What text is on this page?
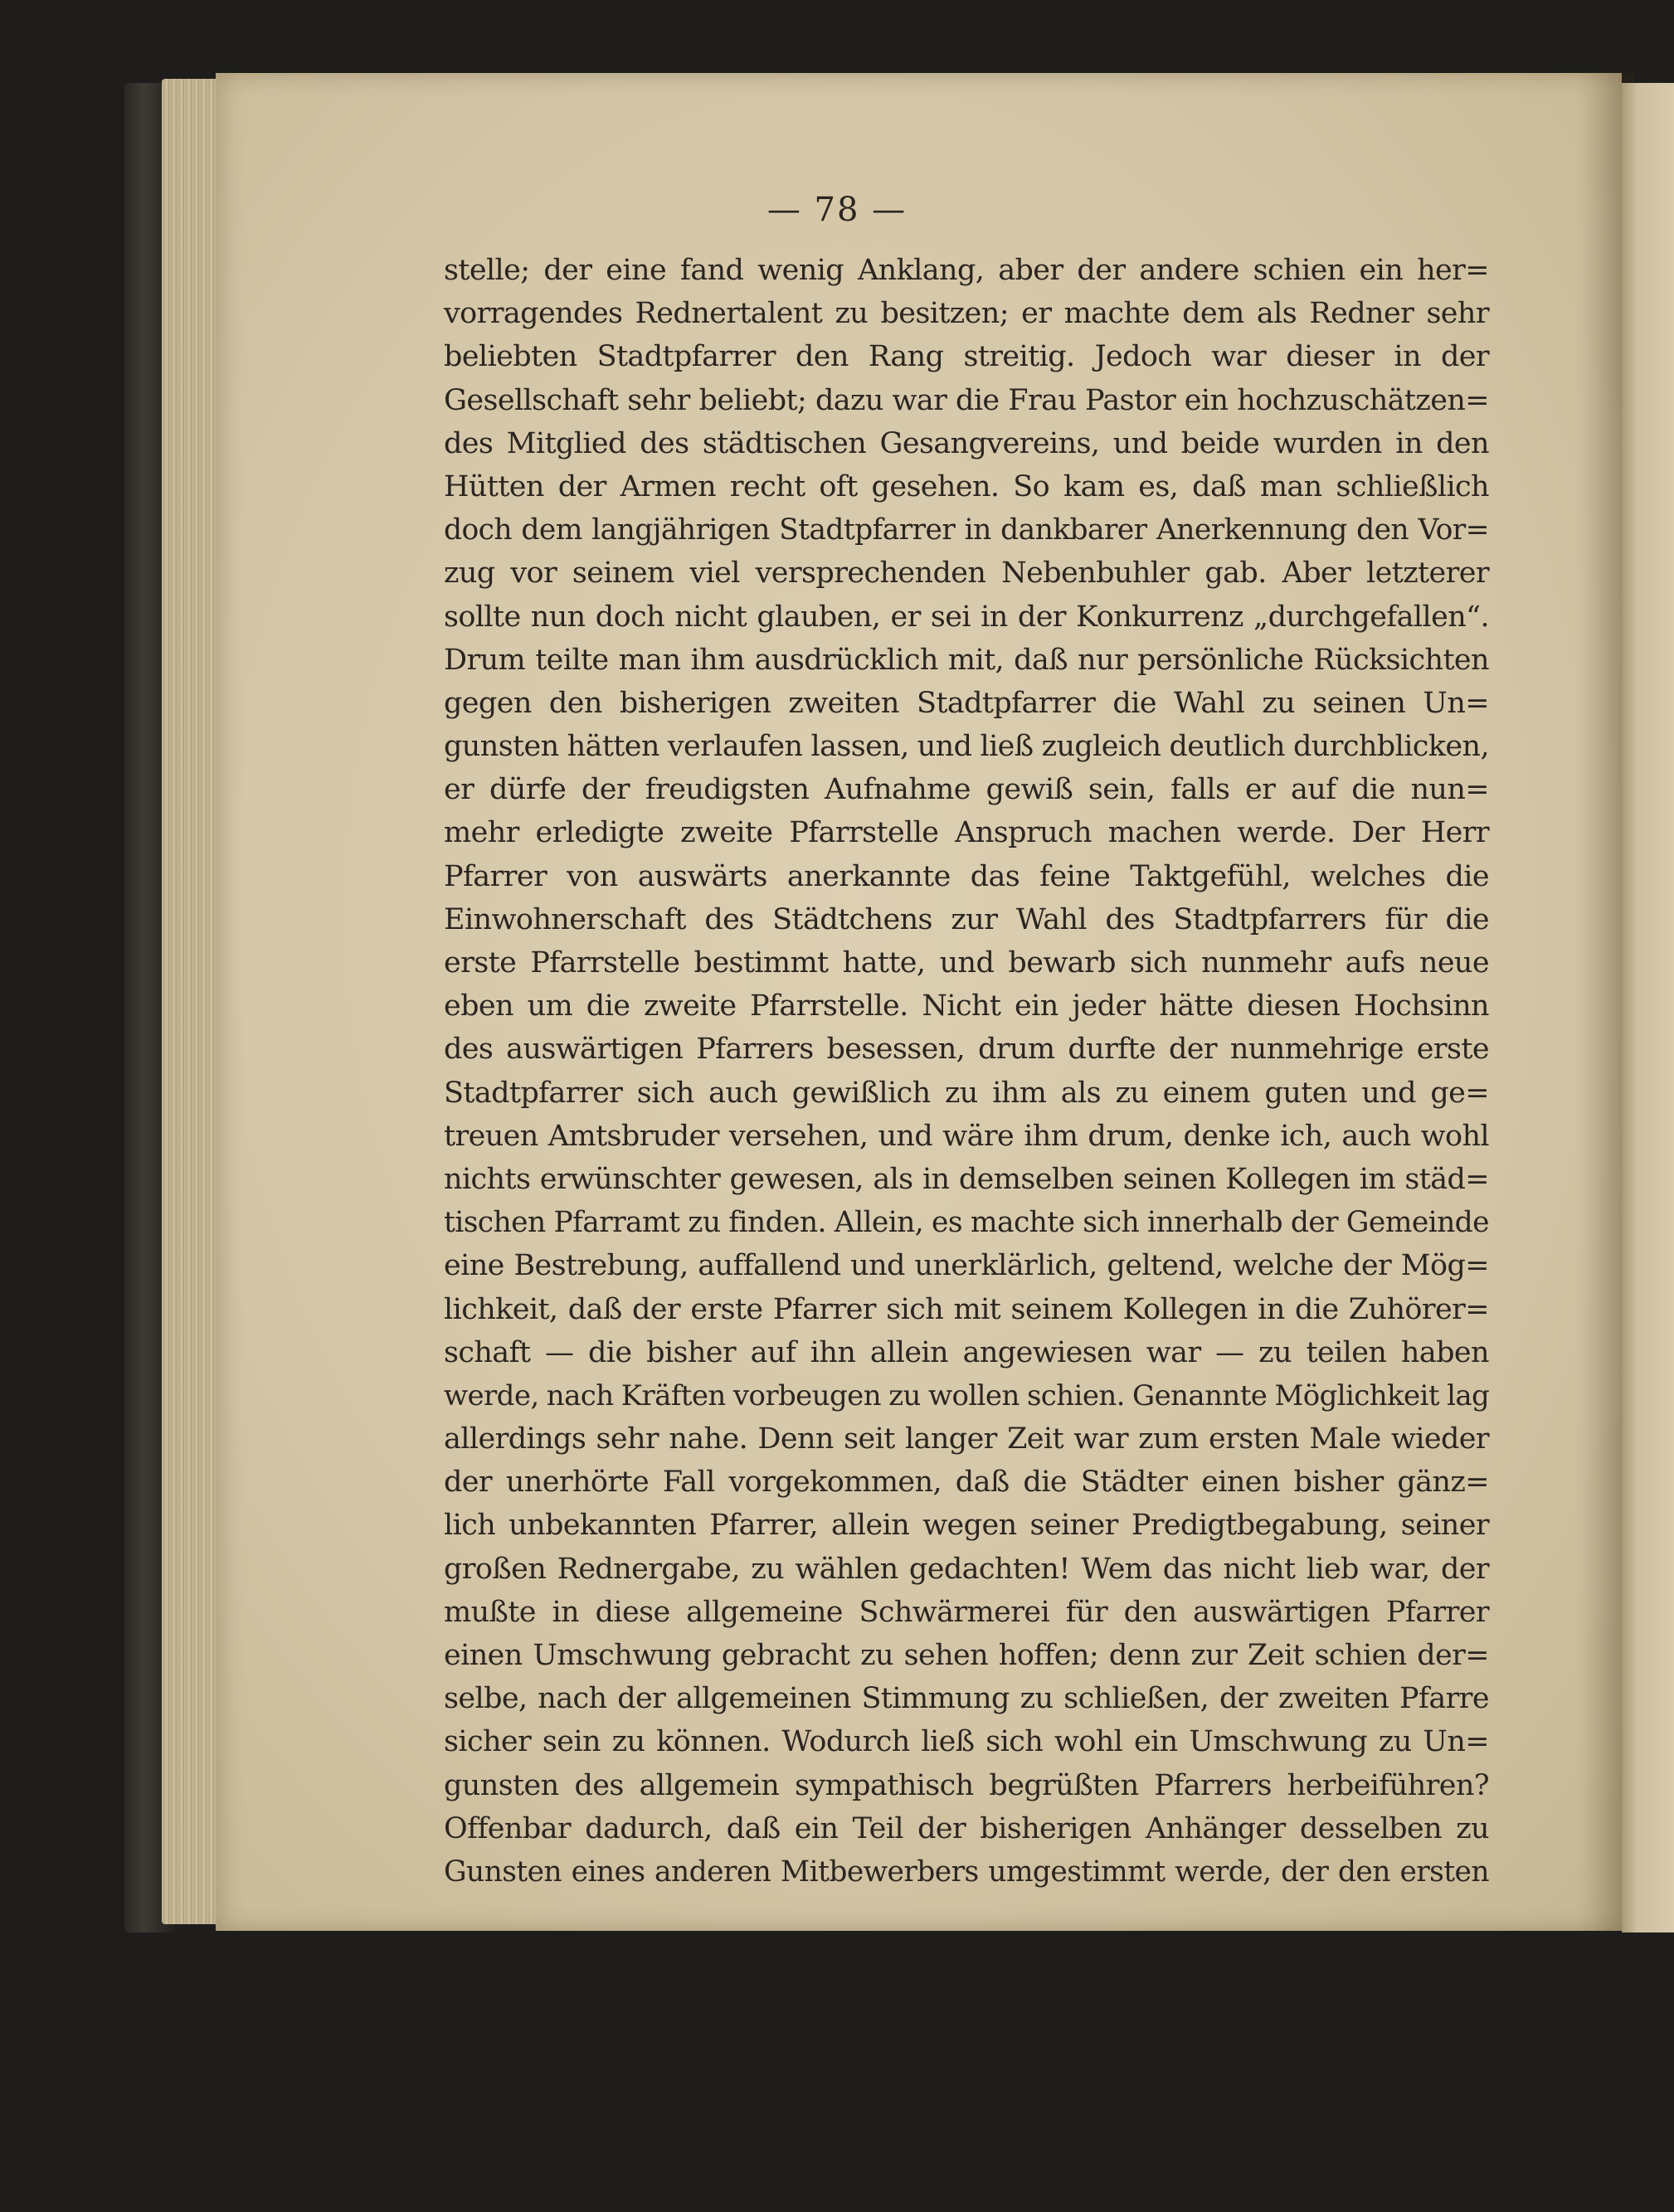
— 78 —
stelle; der eine fand wenig Anklang, aber der andere schien ein her=
vorragendes Rednertalent zu besitzen; er machte dem als Redner sehr
beliebten Stadtpfarrer den Rang streitig. Jedoch war dieser in der
Gesellschaft sehr beliebt; dazu war die Frau Pastor ein hochzuschätzen=
des Mitglied des städtischen Gesangvereins, und beide wurden in den
Hütten der Armen recht oft gesehen. So kam es, daß man schließlich
doch dem langjährigen Stadtpfarrer in dankbarer Anerkennung den Vor=
zug vor seinem viel versprechenden Nebenbuhler gab. Aber letzterer
sollte nun doch nicht glauben, er sei in der Konkurrenz „durchgefallen“.
Drum teilte man ihm ausdrücklich mit, daß nur persönliche Rücksichten
gegen den bisherigen zweiten Stadtpfarrer die Wahl zu seinen Un=
gunsten hätten verlaufen lassen, und ließ zugleich deutlich durchblicken,
er dürfe der freudigsten Aufnahme gewiß sein, falls er auf die nun=
mehr erledigte zweite Pfarrstelle Anspruch machen werde. Der Herr
Pfarrer von auswärts anerkannte das feine Taktgefühl, welches die
Einwohnerschaft des Städtchens zur Wahl des Stadtpfarrers für die
erste Pfarrstelle bestimmt hatte, und bewarb sich nunmehr aufs neue
eben um die zweite Pfarrstelle. Nicht ein jeder hätte diesen Hochsinn
des auswärtigen Pfarrers besessen, drum durfte der nunmehrige erste
Stadtpfarrer sich auch gewißlich zu ihm als zu einem guten und ge=
treuen Amtsbruder versehen, und wäre ihm drum, denke ich, auch wohl
nichts erwünschter gewesen, als in demselben seinen Kollegen im städ=
tischen Pfarramt zu finden. Allein, es machte sich innerhalb der Gemeinde
eine Bestrebung, auffallend und unerklärlich, geltend, welche der Mög=
lichkeit, daß der erste Pfarrer sich mit seinem Kollegen in die Zuhörer=
schaft — die bisher auf ihn allein angewiesen war — zu teilen haben
werde, nach Kräften vorbeugen zu wollen schien. Genannte Möglichkeit lag
allerdings sehr nahe. Denn seit langer Zeit war zum ersten Male wieder
der unerhörte Fall vorgekommen, daß die Städter einen bisher gänz=
lich unbekannten Pfarrer, allein wegen seiner Predigtbegabung, seiner
großen Rednergabe, zu wählen gedachten! Wem das nicht lieb war, der
mußte in diese allgemeine Schwärmerei für den auswärtigen Pfarrer
einen Umschwung gebracht zu sehen hoffen; denn zur Zeit schien der=
selbe, nach der allgemeinen Stimmung zu schließen, der zweiten Pfarre
sicher sein zu können. Wodurch ließ sich wohl ein Umschwung zu Un=
gunsten des allgemein sympathisch begrüßten Pfarrers herbeiführen?
Offenbar dadurch, daß ein Teil der bisherigen Anhänger desselben zu
Gunsten eines anderen Mitbewerbers umgestimmt werde, der den ersten
